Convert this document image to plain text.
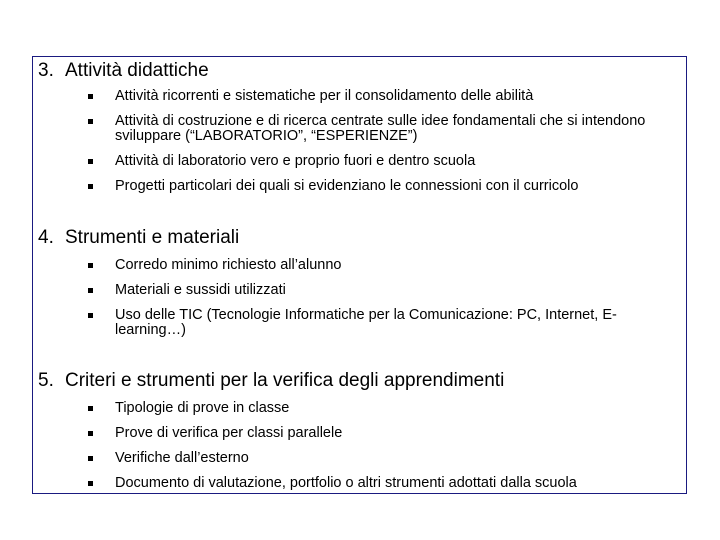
3. Attività didattiche
Attività ricorrenti e sistematiche per il consolidamento delle abilità
Attività di costruzione e di ricerca centrate sulle idee fondamentali che si intendono sviluppare (“LABORATORIO”, “ESPERIENZE”)
Attività di laboratorio vero e proprio fuori e dentro scuola
Progetti particolari dei quali si evidenziano le connessioni con il curricolo
4. Strumenti e materiali
Corredo minimo richiesto all’alunno
Materiali e sussidi utilizzati
Uso delle TIC (Tecnologie Informatiche per la Comunicazione: PC, Internet, E-learning…)
5. Criteri e strumenti per la verifica degli apprendimenti
Tipologie di prove in classe
Prove di verifica per classi parallele
Verifiche dall’esterno
Documento di valutazione, portfolio o altri strumenti adottati dalla scuola
